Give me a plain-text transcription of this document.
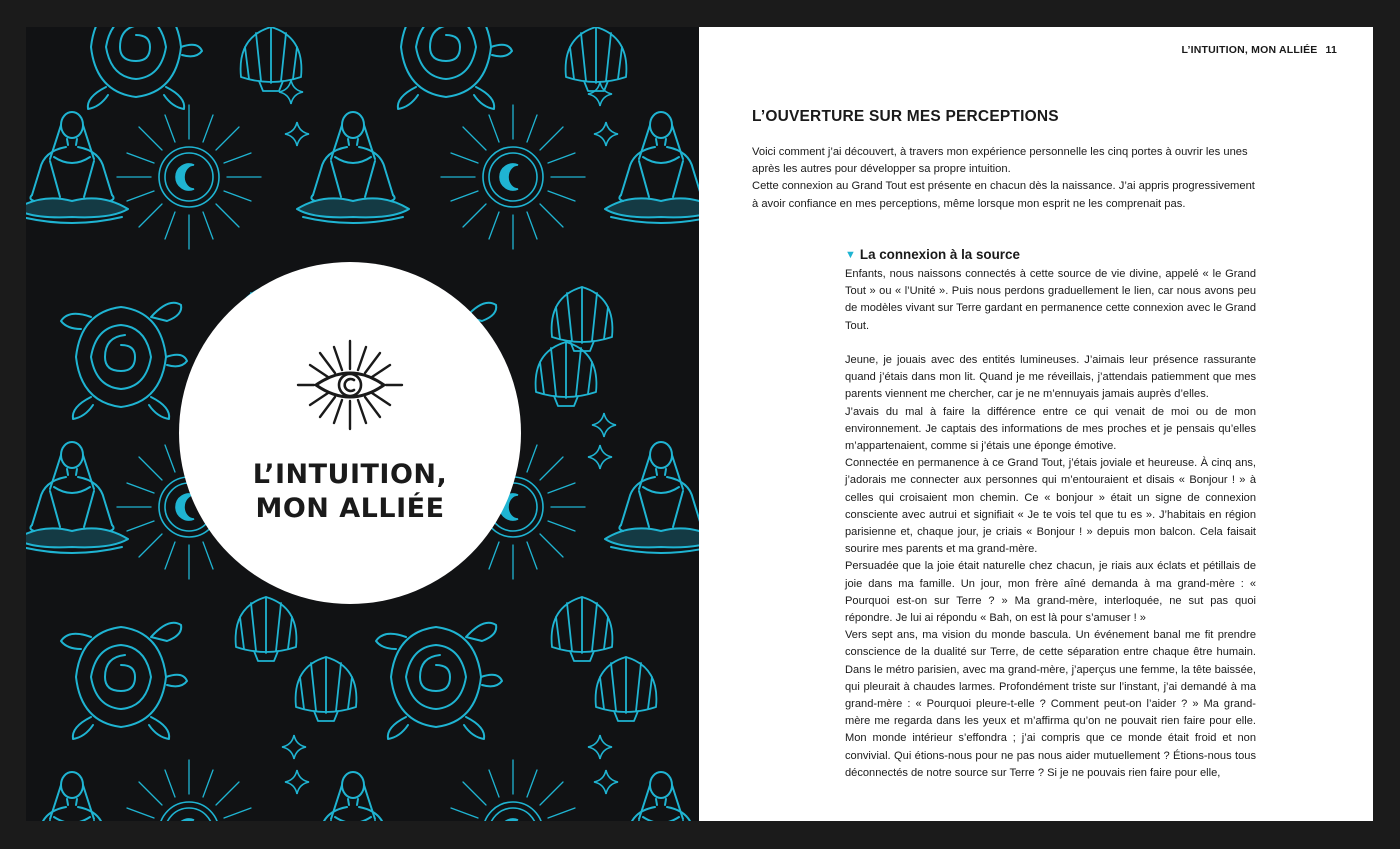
L’INTUITION,
MON ALLIÉE
L’INTUITION, MON ALLIÉE 11
L’OUVERTURE SUR MES PERCEPTIONS

Voici comment j’ai découvert, à travers mon expérience personnelle les cinq portes à ouvrir les unes après les autres pour développer sa propre intuition.

Cette connexion au Grand Tout est présente en chacun dès la naissance. J’ai appris progressivement à avoir confiance en mes perceptions, même lorsque mon esprit ne les comprenait pas.

▼ La connexion à la source

Enfants, nous naissons connectés à cette source de vie divine, appelé « le Grand Tout » ou « l’Unité ». Puis nous perdons graduellement le lien, car nous avons peu de modèles vivant sur Terre gardant en permanence cette connexion avec le Grand Tout.

Jeune, je jouais avec des entités lumineuses. J’aimais leur présence rassurante quand j’étais dans mon lit. Quand je me réveillais, j’attendais patiemment que mes parents viennent me chercher, car je ne m’ennuyais jamais auprès d’elles.

J’avais du mal à faire la différence entre ce qui venait de moi ou de mon environnement. Je captais des informations de mes proches et je pensais qu’elles m’appartenaient, comme si j’étais une éponge émotive.

Connectée en permanence à ce Grand Tout, j’étais joviale et heureuse. À cinq ans, j’adorais me connecter aux personnes qui m’entouraient et disais « Bonjour ! » à celles qui croisaient mon chemin. Ce « bonjour » était un signe de connexion consciente avec autrui et signifiait « Je te vois tel que tu es ». J’habitais en région parisienne et, chaque jour, je criais « Bonjour ! » depuis mon balcon. Cela faisait sourire mes parents et ma grand-mère.

Persuadée que la joie était naturelle chez chacun, je riais aux éclats et pétillais de joie dans ma famille. Un jour, mon frère aîné demanda à ma grand-mère : « Pourquoi est-on sur Terre ? » Ma grand-mère, interloquée, ne sut pas quoi répondre. Je lui ai répondu « Bah, on est là pour s’amuser ! »

Vers sept ans, ma vision du monde bascula. Un événement banal me fit prendre conscience de la dualité sur Terre, de cette séparation entre chaque être humain. Dans le métro parisien, avec ma grand-mère, j’aperçus une femme, la tête baissée, qui pleurait à chaudes larmes. Profondément triste sur l’instant, j’ai demandé à ma grand-mère : « Pourquoi pleure-t-elle ? Comment peut-on l’aider ? » Ma grand-mère me regarda dans les yeux et m’affirma qu’on ne pouvait rien faire pour elle. Mon monde intérieur s’effondra ; j’ai compris que ce monde était froid et non convivial. Qui étions-nous pour ne pas nous aider mutuellement ? Étions-nous tous déconnectés de notre source sur Terre ? Si je ne pouvais rien faire pour elle,
